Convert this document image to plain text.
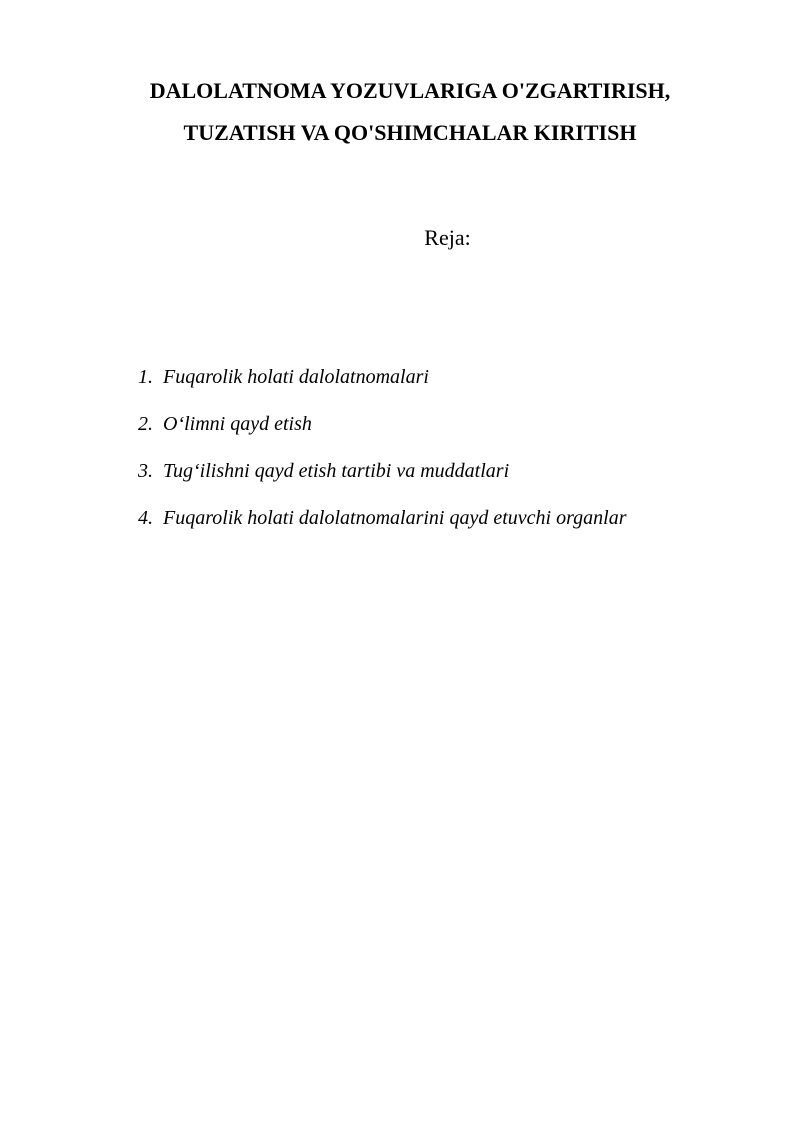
DALOLATNOMA YOZUVLARIGA O'ZGARTIRISH,
TUZATISH VA QO'SHIMCHALAR KIRITISH
Reja:
1. Fuqarolik holati dalolatnomalari
2. O‘limni qayd etish
3. Tug‘ilishni qayd etish tartibi va muddatlari
4. Fuqarolik holati dalolatnomalarini qayd etuvchi organlar
